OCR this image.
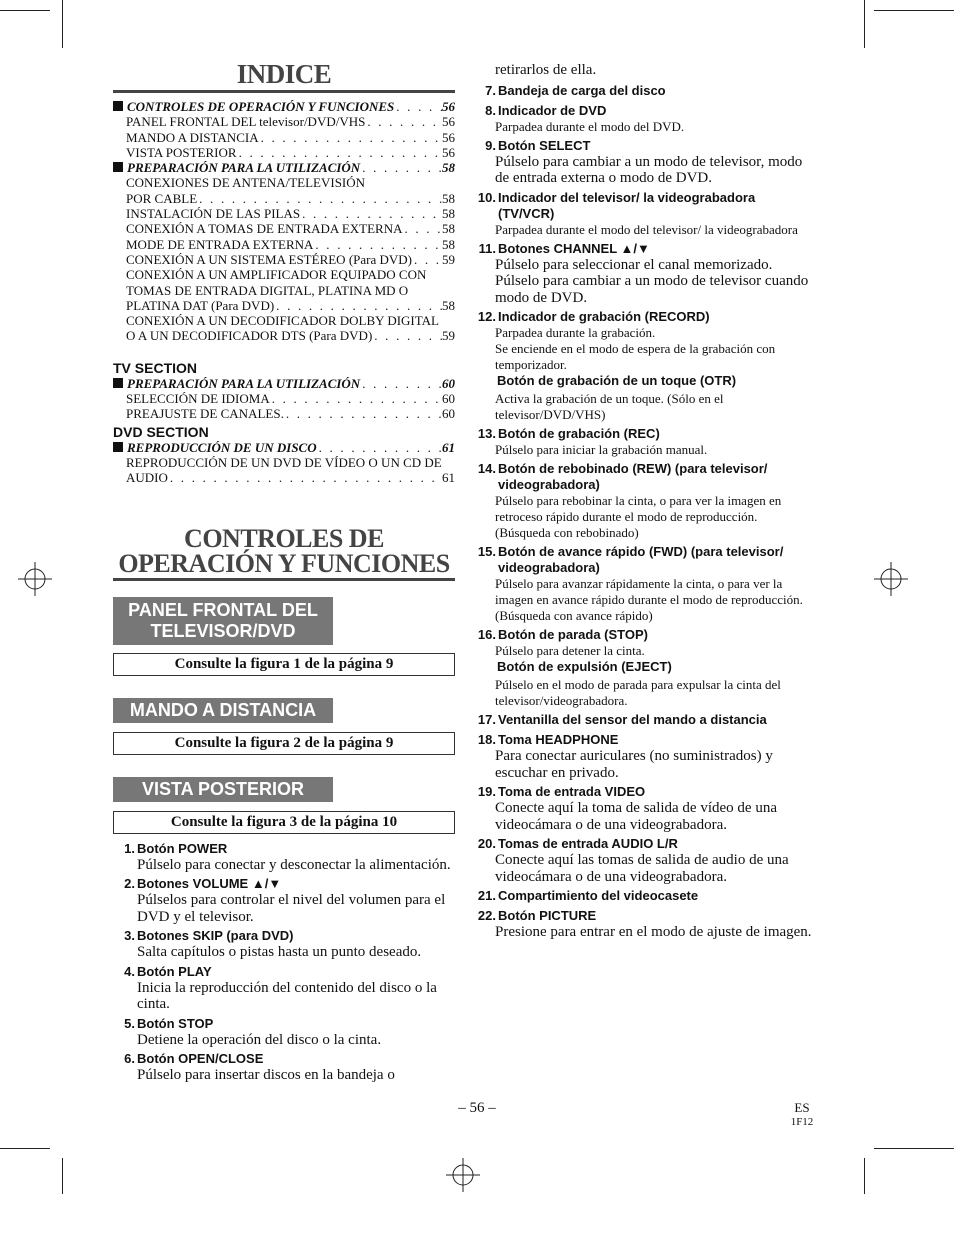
INDICE
CONTROLES DE OPERACIÓN Y FUNCIONES . . .	56
PANEL FRONTAL DEL televisor/DVD/VHS . . .	56
MANDO A DISTANCIA . . .	56
VISTA POSTERIOR . . .	56
PREPARACIÓN PARA LA UTILIZACIÓN . . .	58
CONEXIONES DE ANTENA/TELEVISIÓN
POR CABLE . . .	58
INSTALACIÓN DE LAS PILAS . . .	58
CONEXIÓN A TOMAS DE ENTRADA EXTERNA . . .	58
MODE DE ENTRADA EXTERNA . . .	58
CONEXIÓN A UN SISTEMA ESTÉREO (Para DVD) . . . 59
CONEXIÓN A UN AMPLIFICADOR EQUIPADO CON
TOMAS DE ENTRADA DIGITAL, PLATINA MD O
PLATINA DAT (Para DVD) . . .	58
CONEXIÓN A UN DECODIFICADOR DOLBY DIGITAL
O A UN DECODIFICADOR DTS (Para DVD) . . .	59
TV SECTION
PREPARACIÓN PARA LA UTILIZACIÓN . . .	60
SELECCIÓN DE IDIOMA . . .	60
PREAJUSTE DE CANALES. . . .	60
DVD SECTION
REPRODUCCIÓN DE UN DISCO . . .	61
REPRODUCCIÓN DE UN DVD DE VÍDEO O UN CD DE
AUDIO . . .	61
CONTROLES DE
OPERACIÓN Y FUNCIONES
PANEL FRONTAL DEL
TELEVISOR/DVD
Consulte la figura 1 de la página 9
MANDO A DISTANCIA
Consulte la figura 2 de la página 9
VISTA POSTERIOR
Consulte la figura 3 de la página 10
1. Botón POWER
Púlselo para conectar y desconectar la alimentación.
2. Botones VOLUME ▲/▼
Púlselos para controlar el nivel del volumen para el DVD y el televisor.
3. Botones SKIP (para DVD)
Salta capítulos o pistas hasta un punto deseado.
4. Botón PLAY
Inicia la reproducción del contenido del disco o la cinta.
5. Botón STOP
Detiene la operación del disco o la cinta.
6. Botón OPEN/CLOSE
Púlselo para insertar discos en la bandeja o
retirarlos de ella.
7. Bandeja de carga del disco
8. Indicador de DVD
Parpadea durante el modo del DVD.
9. Botón SELECT
Púlselo para cambiar a un modo de televisor, modo de entrada externa o modo de DVD.
10. Indicador del televisor/ la videograbadora
(TV/VCR)
Parpadea durante el modo del televisor/ la videograbadora
11. Botones CHANNEL ▲/▼
Púlselo para seleccionar el canal memorizado. Púlselo para cambiar a un modo de televisor cuando modo de DVD.
12. Indicador de grabación (RECORD)
Parpadea durante la grabación.
Se enciende en el modo de espera de la grabación con temporizador.
Botón de grabación de un toque (OTR)
Activa la grabación de un toque. (Sólo en el televisor/DVD/VHS)
13. Botón de grabación (REC)
Púlselo para iniciar la grabación manual.
14. Botón de rebobinado (REW) (para televisor/
videograbadora)
Púlselo para rebobinar la cinta, o para ver la imagen en retroceso rápido durante el modo de reproducción. (Búsqueda con rebobinado)
15. Botón de avance rápido (FWD) (para televisor/
videograbadora)
Púlselo para avanzar rápidamente la cinta, o para ver la imagen en avance rápido durante el modo de reproducción. (Búsqueda con avance rápido)
16. Botón de parada (STOP)
Púlselo para detener la cinta.
Botón de expulsión (EJECT)
Púlselo en el modo de parada para expulsar la cinta del televisor/videograbadora.
17. Ventanilla del sensor del mando a distancia
18. Toma HEADPHONE
Para conectar auriculares (no suministrados) y escuchar en privado.
19. Toma de entrada VIDEO
Conecte aquí la toma de salida de vídeo de una videocámara o de una videograbadora.
20. Tomas de entrada AUDIO L/R
Conecte aquí las tomas de salida de audio de una videocámara o de una videograbadora.
21. Compartimiento del videocasete
22. Botón PICTURE
Presione para entrar en el modo de ajuste de imagen.
– 56 –	ES
1F12
